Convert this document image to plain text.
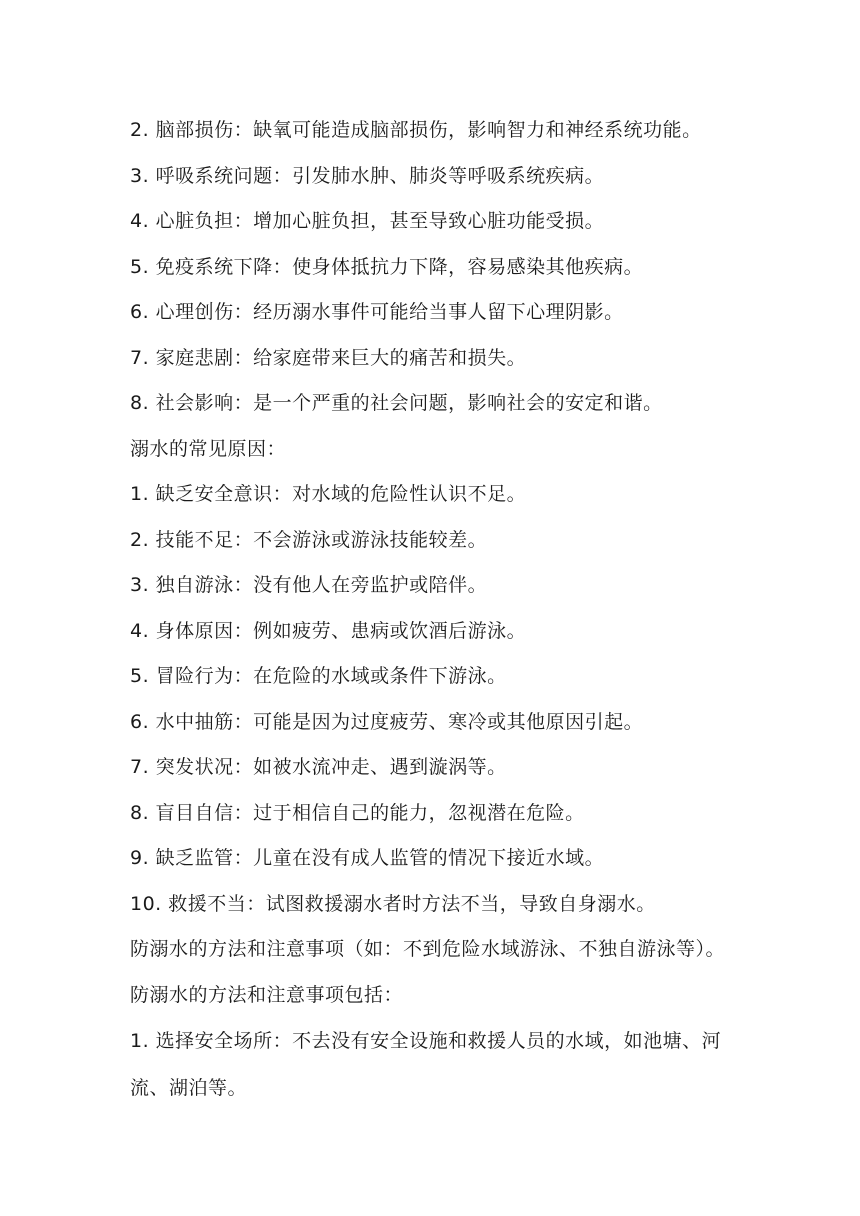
2. 脑部损伤：缺氧可能造成脑部损伤，影响智力和神经系统功能。
3. 呼吸系统问题：引发肺水肿、肺炎等呼吸系统疾病。
4. 心脏负担：增加心脏负担，甚至导致心脏功能受损。
5. 免疫系统下降：使身体抵抗力下降，容易感染其他疾病。
6. 心理创伤：经历溺水事件可能给当事人留下心理阴影。
7. 家庭悲剧：给家庭带来巨大的痛苦和损失。
8. 社会影响：是一个严重的社会问题，影响社会的安定和谐。
溺水的常见原因：
1. 缺乏安全意识：对水域的危险性认识不足。
2. 技能不足：不会游泳或游泳技能较差。
3. 独自游泳：没有他人在旁监护或陪伴。
4. 身体原因：例如疲劳、患病或饮酒后游泳。
5. 冒险行为：在危险的水域或条件下游泳。
6. 水中抽筋：可能是因为过度疲劳、寒冷或其他原因引起。
7. 突发状况：如被水流冲走、遇到漩涡等。
8. 盲目自信：过于相信自己的能力，忽视潜在危险。
9. 缺乏监管：儿童在没有成人监管的情况下接近水域。
10. 救援不当：试图救援溺水者时方法不当，导致自身溺水。
防溺水的方法和注意事项（如：不到危险水域游泳、不独自游泳等）。
防溺水的方法和注意事项包括：
1. 选择安全场所：不去没有安全设施和救援人员的水域，如池塘、河流、湖泊等。
